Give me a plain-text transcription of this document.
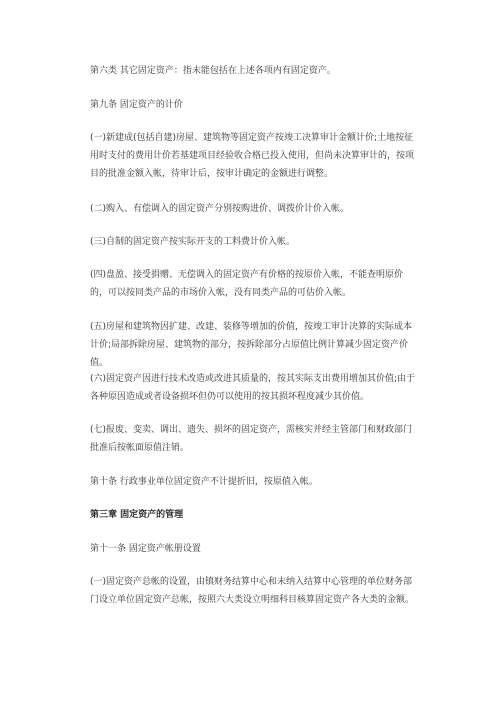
第六类 其它固定资产：指未能包括在上述各项内有固定资产。

第九条 固定资产的计价

(一)新建成(包括自建)房屋、建筑物等固定资产按竣工决算审计金额计价;土地按征用时支付的费用计价若基建项目经验收合格已投入使用，但尚未决算审计的，按项目的批准金额入帐，待审计后，按审计确定的金额进行调整。

(二)购入、有偿调入的固定资产分别按购进价、调拨价计价入帐。

(三)自制的固定资产按实际开支的工料费计价入帐。

(四)盘盈、接受捐赠、无偿调入的固定资产有价格的按原价入帐，不能查明原价的，可以按同类产品的市场价入帐，没有同类产品的可估价入帐。

(五)房屋和建筑物因扩建、改建、装修等增加的价值，按竣工审计决算的实际成本计价;局部拆除房屋、建筑物的部分，按拆除部分占原值比例计算减少固定资产价值。

(六)固定资产因进行技术改造或改进其质量的，按其实际支出费用增加其价值;由于各种原因造成或者设备损坏但仍可以使用的按其损坏程度减少其价值。

(七)报废、变卖、调出、遗失、损坏的固定资产，需核实并经主管部门和财政部门批准后按帐面原值注销。

第十条 行政事业单位固定资产不计提折旧，按原值入帐。

第三章 固定资产的管理

第十一条 固定资产帐册设置

(一)固定资产总帐的设置，由镇财务结算中心和未纳入结算中心管理的单位财务部门设立单位固定资产总帐，按照六大类设立明细科目核算固定资产各大类的金额。
